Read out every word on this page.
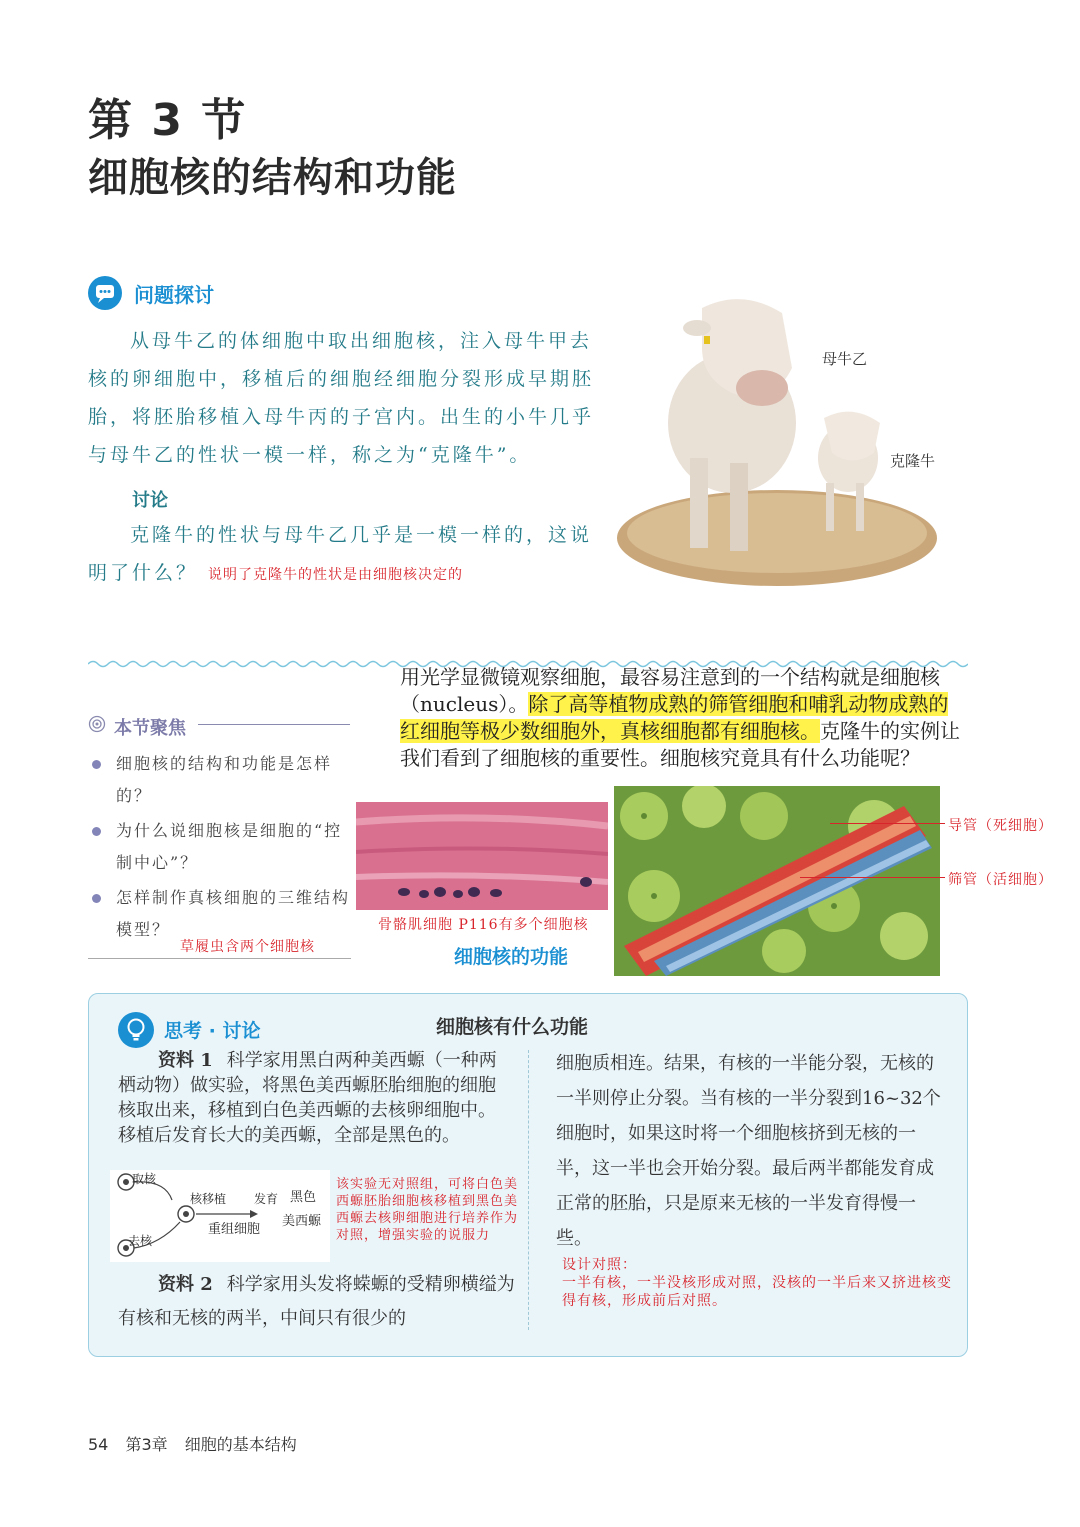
第 3 节
细胞核的结构和功能
问题探讨

从母牛乙的体细胞中取出细胞核，注入母牛甲去核的卵细胞中，移植后的细胞经细胞分裂形成早期胚胎，将胚胎移植入母牛丙的子宫内。出生的小牛几乎与母牛乙的性状一模一样，称之为“克隆牛”。

讨论

克隆牛的性状与母牛乙几乎是一模一样的，这说明了什么？ 说明了克隆牛的性状是由细胞核决定的

母牛乙
克隆牛
本节聚焦
细胞核的结构和功能是怎样的？
为什么说细胞核是细胞的“控制中心”？
怎样制作真核细胞的三维结构模型？
草履虫含两个细胞核

用光学显微镜观察细胞，最容易注意到的一个结构就是细胞核（nucleus）。除了高等植物成熟的筛管细胞和哺乳动物成熟的红细胞等极少数细胞外，真核细胞都有细胞核。克隆牛的实例让我们看到了细胞核的重要性。细胞核究竟具有什么功能呢？

骨骼肌细胞 P116有多个细胞核
细胞核的功能
导管（死细胞）
筛管（活细胞）
思考 · 讨论	细胞核有什么功能

资料 1 科学家用黑白两种美西螈（一种两栖动物）做实验，将黑色美西螈胚胎细胞的细胞核取出来，移植到白色美西螈的去核卵细胞中。移植后发育长大的美西螈，全部是黑色的。

取核
去核
核移植 发育
重组细胞
黑色
美西螈
该实验无对照组，可将白色美西螈胚胎细胞核移植到黑色美西螈去核卵细胞进行培养作为对照，增强实验的说服力

资料 2 科学家用头发将蝾螈的受精卵横缢为有核和无核的两半，中间只有很少的

细胞质相连。结果，有核的一半能分裂，无核的一半则停止分裂。当有核的一半分裂到16~32个细胞时，如果这时将一个细胞核挤到无核的一半，这一半也会开始分裂。最后两半都能发育成正常的胚胎，只是原来无核的一半发育得慢一些。

设计对照：
一半有核，一半没核形成对照，没核的一半后来又挤进核变得有核，形成前后对照。
54 第3章 细胞的基本结构
